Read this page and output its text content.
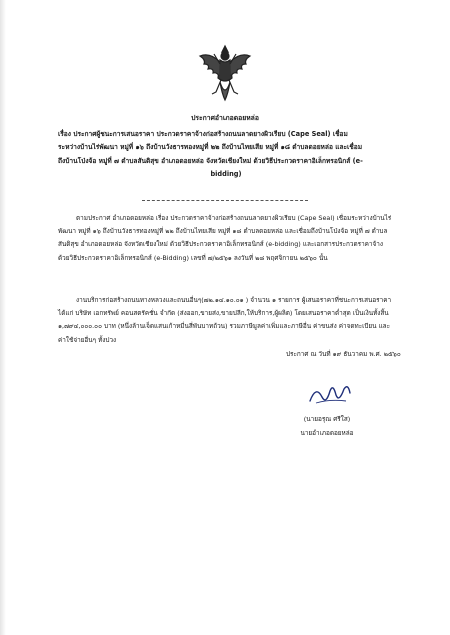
ประกาศอำเภอดอยหล่อ
เรื่อง ประกาศผู้ชนะการเสนอราคา ประกวดราคาจ้างก่อสร้างถนนลาดยางผิวเรียบ (Cape Seal) เชื่อม
ระหว่างบ้านไร่พัฒนา หมู่ที่ ๑๖ ถึงบ้านวังธารทองหมู่ที่ ๒๒ ถึงบ้านไทยเสีย หมู่ที่ ๑๘ ตำบลดอยหล่อ และเชื่อม
ถึงบ้านโป่งจ้อ หมู่ที่ ๗ ตำบลสันติสุข อำเภอดอยหล่อ จังหวัดเชียงใหม่ ด้วยวิธีประกวดราคาอิเล็กทรอนิกส์ (e-

bidding)
ตามประกาศ อำเภอดอยหล่อ เรื่อง ประกวดราคาจ้างก่อสร้างถนนลาดยางผิวเรียบ (Cape Seal) เชื่อมระหว่างบ้านไร่พัฒนา หมู่ที่ ๑๖ ถึงบ้านวังธารทองหมู่ที่ ๒๒ ถึงบ้านไทยเสีย หมู่ที่ ๑๘ ตำบลดอยหล่อ และเชื่อมถึงบ้านโป่งจ้อ หมู่ที่ ๗ ตำบลสันติสุข อำเภอดอยหล่อ จังหวัดเชียงใหม่ ด้วยวิธีประกวดราคาอิเล็กทรอนิกส์ (e-bidding) และเอกสารประกวดราคาจ้างด้วยวิธีประกวดราคาอิเล็กทรอนิกส์ (e-Bidding) เลขที่ ๗/๒๕๖๑ ลงวันที่ ๒๘ พฤศจิกายน ๒๕๖๐ นั้น
งานบริการก่อสร้างถนนทางหลวงและถนนอื่นๆ(๗๒.๑๔.๑๐.๐๑ ) จำนวน ๑ รายการ ผู้เสนอราคาที่ชนะการเสนอราคา ได้แก่ บริษัท เอกทรัพย์ คอนสตรัคชั่น จำกัด (ส่งออก,ขายส่ง,ขายปลีก,ให้บริการ,ผู้ผลิต) โดยเสนอราคาต่ำสุด เป็นเงินทั้งสิ้น ๑,๗๙๔,๐๐๐.๐๐ บาท (หนึ่งล้านเจ็ดแสนเก้าหมื่นสี่พันบาทถ้วน) รวมภาษีมูลค่าเพิ่มและภาษีอื่น ค่าขนส่ง ค่าจดทะเบียน และค่าใช้จ่ายอื่นๆ ทั้งปวง
ประกาศ ณ วันที่ ๑๙ ธันวาคม พ.ศ. ๒๕๖๐
(นายอรุณ ศรีใส)
นายอำเภอดอยหล่อ
